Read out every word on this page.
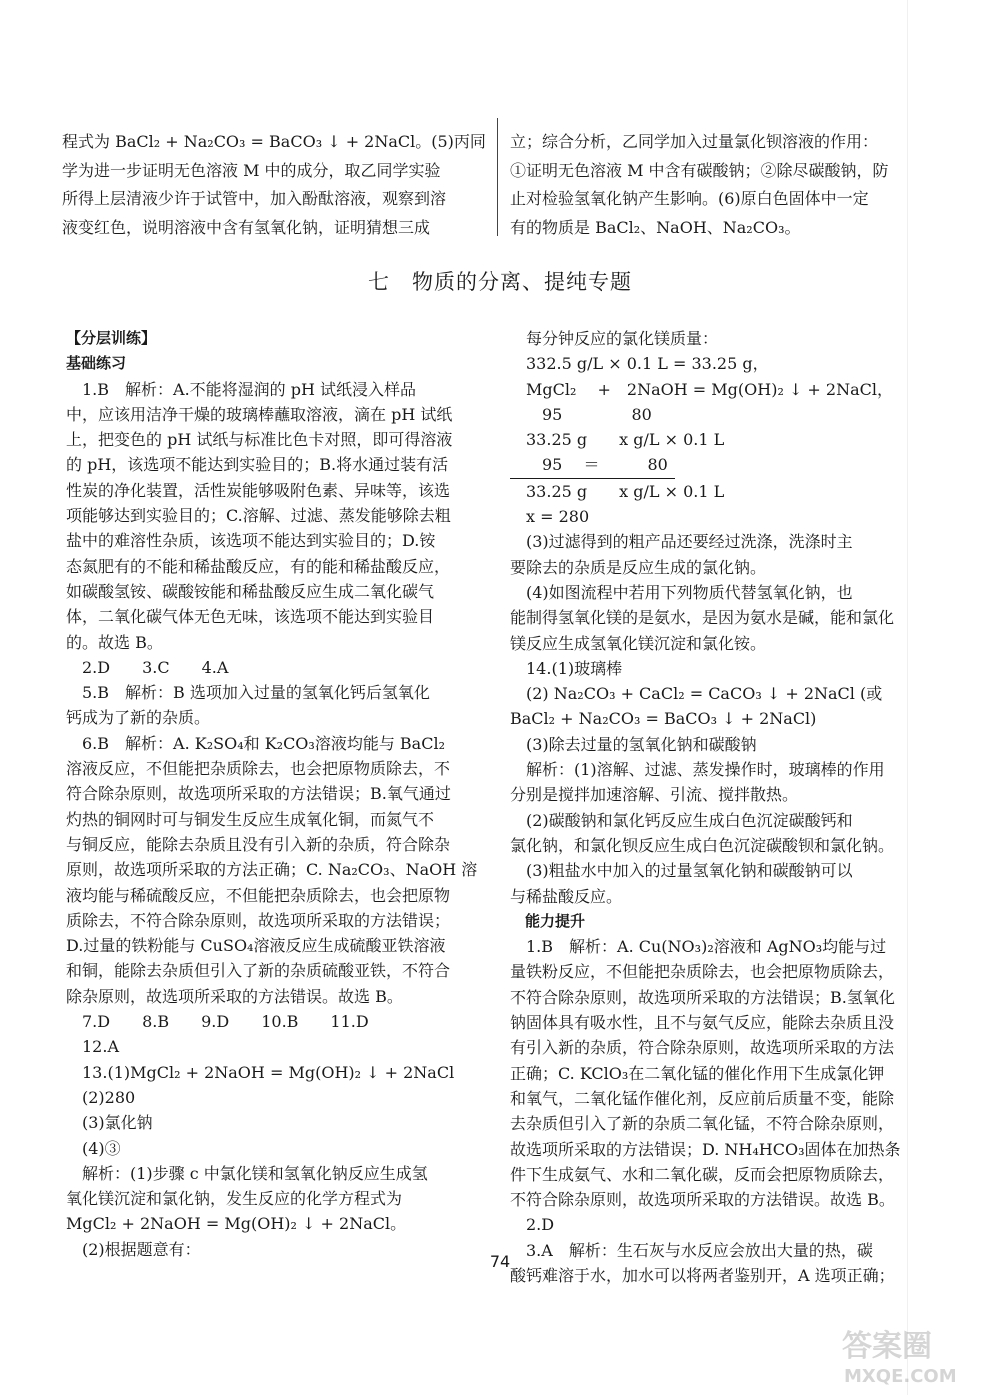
程式为 BaCl₂ + Na₂CO₃ = BaCO₃ ↓ + 2NaCl。(5)丙同
学为进一步证明无色溶液 M 中的成分，取乙同学实验
所得上层清液少许于试管中，加入酚酞溶液，观察到溶
液变红色，说明溶液中含有氢氧化钠，证明猜想三成
立；综合分析，乙同学加入过量氯化钡溶液的作用：
①证明无色溶液 M 中含有碳酸钠；②除尽碳酸钠，防
止对检验氢氧化钠产生影响。(6)原白色固体中一定
有的物质是 BaCl₂、NaOH、Na₂CO₃。
七　物质的分离、提纯专题
【分层训练】
基础练习
　1.B　解析：A.不能将湿润的 pH 试纸浸入样品
中，应该用洁净干燥的玻璃棒蘸取溶液，滴在 pH 试纸
上，把变色的 pH 试纸与标准比色卡对照，即可得溶液
的 pH，该选项不能达到实验目的；B.将水通过装有活
性炭的净化装置，活性炭能够吸附色素、异味等，该选
项能够达到实验目的；C.溶解、过滤、蒸发能够除去粗
盐中的难溶性杂质，该选项不能达到实验目的；D.铵
态氮肥有的不能和稀盐酸反应，有的能和稀盐酸反应，
如碳酸氢铵、碳酸铵能和稀盐酸反应生成二氧化碳气
体，二氧化碳气体无色无味，该选项不能达到实验目
的。故选 B。
　2.D　　3.C　　4.A
　5.B　解析：B 选项加入过量的氢氧化钙后氢氧化
钙成为了新的杂质。
　6.B　解析：A. K₂SO₄和 K₂CO₃溶液均能与 BaCl₂
溶液反应，不但能把杂质除去，也会把原物质除去，不
符合除杂原则，故选项所采取的方法错误；B.氧气通过
灼热的铜网时可与铜发生反应生成氧化铜，而氮气不
与铜反应，能除去杂质且没有引入新的杂质，符合除杂
原则，故选项所采取的方法正确；C. Na₂CO₃、NaOH 溶
液均能与稀硫酸反应，不但能把杂质除去，也会把原物
质除去，不符合除杂原则，故选项所采取的方法错误；
D.过量的铁粉能与 CuSO₄溶液反应生成硫酸亚铁溶液
和铜，能除去杂质但引入了新的杂质硫酸亚铁，不符合
除杂原则，故选项所采取的方法错误。故选 B。
　7.D　　8.B　　9.D　　10.B　　11.D
　12.A
　13.(1)MgCl₂ + 2NaOH = Mg(OH)₂ ↓ + 2NaCl
　(2)280
　(3)氯化钠
　(4)③
　解析：(1)步骤 c 中氯化镁和氢氧化钠反应生成氢
氧化镁沉淀和氯化钠，发生反应的化学方程式为
MgCl₂ + 2NaOH = Mg(OH)₂ ↓ + 2NaCl。
　(2)根据题意有：
　每分钟反应的氯化镁质量：
　332.5 g/L × 0.1 L = 33.25 g，
　MgCl₂　 +　2NaOH = Mg(OH)₂ ↓ + 2NaCl，
　　95　　　　 80
　33.25 g　　x g/L × 0.1 L
　　95　 ＝　　　80
　33.25 g　　x g/L × 0.1 L
　x = 280
　(3)过滤得到的粗产品还要经过洗涤，洗涤时主
要除去的杂质是反应生成的氯化钠。
　(4)如图流程中若用下列物质代替氢氧化钠，也
能制得氢氧化镁的是氨水，是因为氨水是碱，能和氯化
镁反应生成氢氧化镁沉淀和氯化铵。
　14.(1)玻璃棒
　(2) Na₂CO₃ + CaCl₂ = CaCO₃ ↓ + 2NaCl (或
BaCl₂ + Na₂CO₃ = BaCO₃ ↓ + 2NaCl)
　(3)除去过量的氢氧化钠和碳酸钠
　解析：(1)溶解、过滤、蒸发操作时，玻璃棒的作用
分别是搅拌加速溶解、引流、搅拌散热。
　(2)碳酸钠和氯化钙反应生成白色沉淀碳酸钙和
氯化钠，和氯化钡反应生成白色沉淀碳酸钡和氯化钠。
　(3)粗盐水中加入的过量氢氧化钠和碳酸钠可以
与稀盐酸反应。
　能力提升
　1.B　解析：A. Cu(NO₃)₂溶液和 AgNO₃均能与过
量铁粉反应，不但能把杂质除去，也会把原物质除去，
不符合除杂原则，故选项所采取的方法错误；B.氢氧化
钠固体具有吸水性，且不与氨气反应，能除去杂质且没
有引入新的杂质，符合除杂原则，故选项所采取的方法
正确；C. KClO₃在二氧化锰的催化作用下生成氯化钾
和氧气，二氧化锰作催化剂，反应前后质量不变，能除
去杂质但引入了新的杂质二氧化锰，不符合除杂原则，
故选项所采取的方法错误；D. NH₄HCO₃固体在加热条
件下生成氨气、水和二氧化碳，反而会把原物质除去，
不符合除杂原则，故选项所采取的方法错误。故选 B。
　2.D
　3.A　解析：生石灰与水反应会放出大量的热，碳
酸钙难溶于水，加水可以将两者鉴别开，A 选项正确；
74
答案圈
MXQE.COM
